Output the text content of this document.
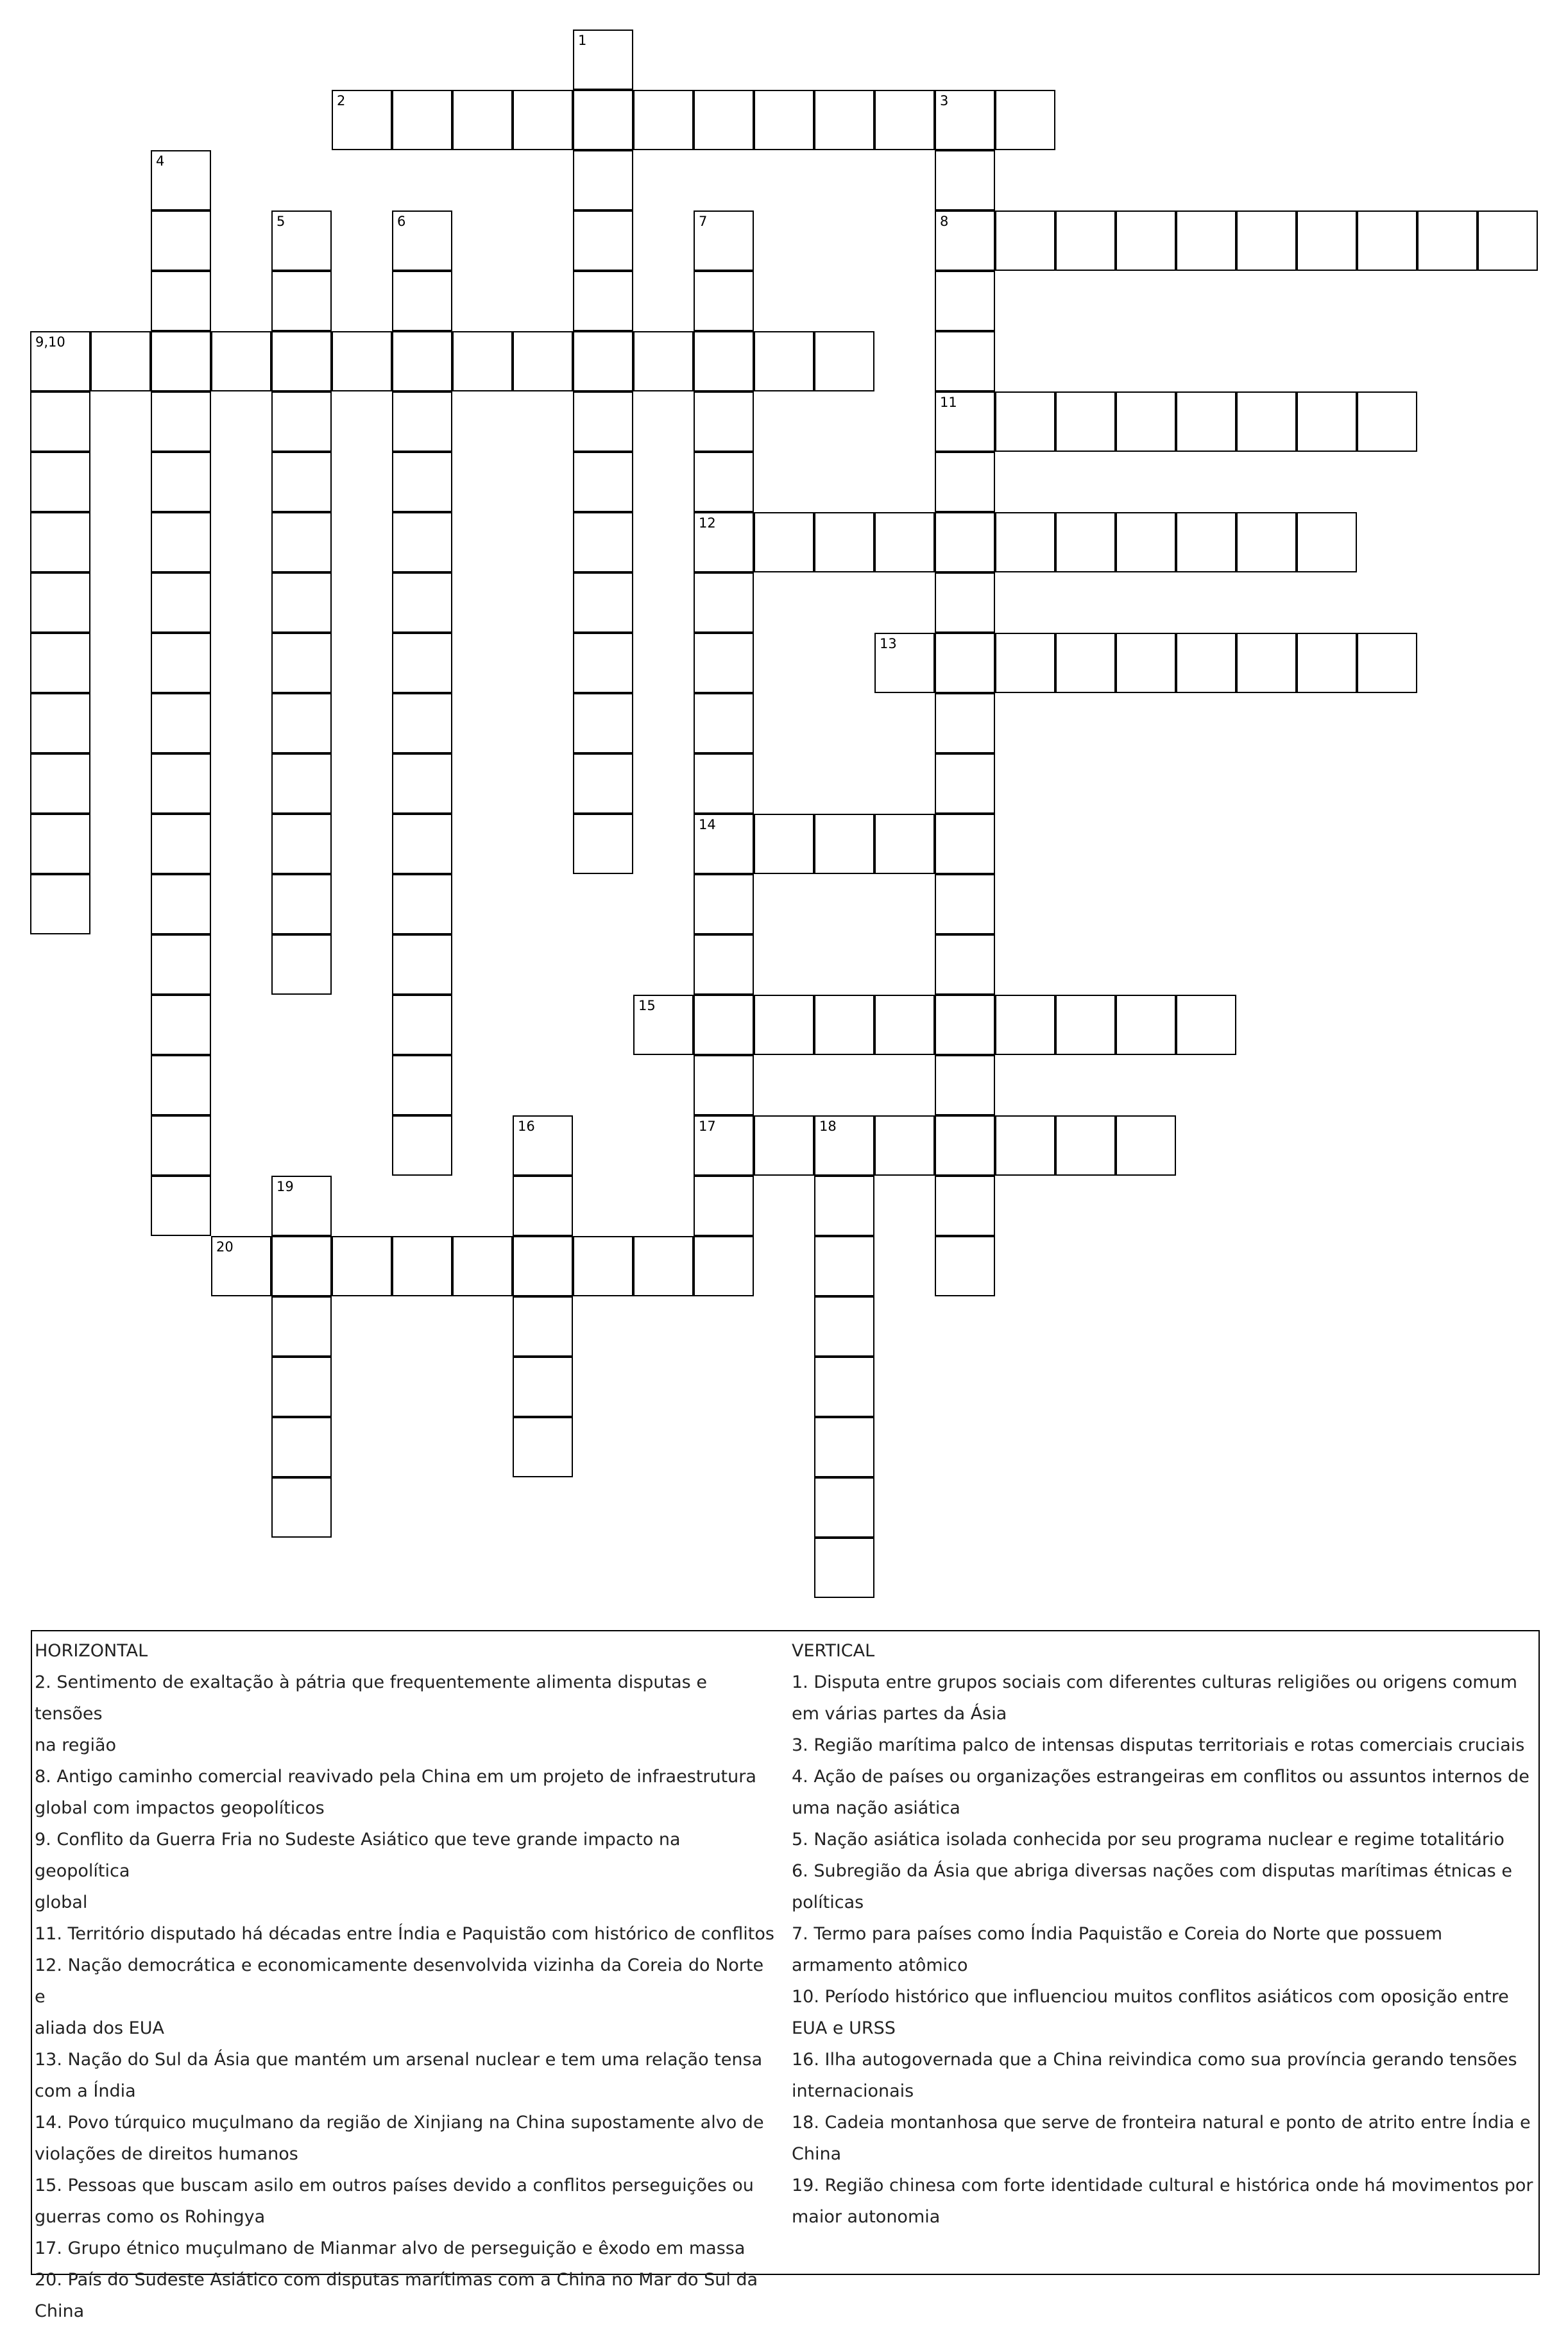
1
2	3
4
5	6	7	8
9,10
11
12
13
14
15
16	17	18
19
20

HORIZONTAL

2. Sentimento de exaltação à pátria que frequentemente alimenta disputas e tensões

na região

8. Antigo caminho comercial reavivado pela China em um projeto de infraestrutura

global com impactos geopolíticos

9. Conflito da Guerra Fria no Sudeste Asiático que teve grande impacto na geopolítica

global

11. Território disputado há décadas entre Índia e Paquistão com histórico de conflitos

12. Nação democrática e economicamente desenvolvida vizinha da Coreia do Norte e

aliada dos EUA

13. Nação do Sul da Ásia que mantém um arsenal nuclear e tem uma relação tensa

com a Índia

14. Povo túrquico muçulmano da região de Xinjiang na China supostamente alvo de

violações de direitos humanos

15. Pessoas que buscam asilo em outros países devido a conflitos perseguições ou

guerras como os Rohingya

17. Grupo étnico muçulmano de Mianmar alvo de perseguição e êxodo em massa

20. País do Sudeste Asiático com disputas marítimas com a China no Mar do Sul da

China

VERTICAL

1. Disputa entre grupos sociais com diferentes culturas religiões ou origens comum

em várias partes da Ásia

3. Região marítima palco de intensas disputas territoriais e rotas comerciais cruciais

4. Ação de países ou organizações estrangeiras em conflitos ou assuntos internos de

uma nação asiática

5. Nação asiática isolada conhecida por seu programa nuclear e regime totalitário

6. Subregião da Ásia que abriga diversas nações com disputas marítimas étnicas e

políticas

7. Termo para países como Índia Paquistão e Coreia do Norte que possuem

armamento atômico

10. Período histórico que influenciou muitos conflitos asiáticos com oposição entre

EUA e URSS

16. Ilha autogovernada que a China reivindica como sua província gerando tensões

internacionais

18. Cadeia montanhosa que serve de fronteira natural e ponto de atrito entre Índia e

China

19. Região chinesa com forte identidade cultural e histórica onde há movimentos por

maior autonomia
